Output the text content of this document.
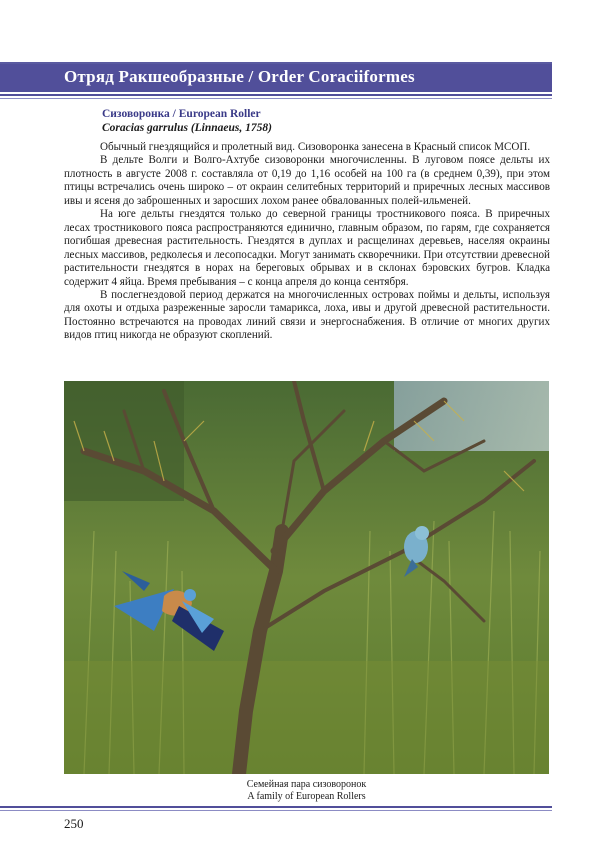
Отряд Ракшеобразные / Order Coraciiformes
Сизоворонка / European Roller
Coracias garrulus (Linnaeus, 1758)

Обычный гнездящийся и пролетный вид. Сизоворонка занесена в Красный список МСОП.

В дельте Волги и Волго-Ахтубе сизоворонки многочисленны. В луговом поясе дельты их плотность в августе 2008 г. составляла от 0,19 до 1,16 особей на 100 га (в среднем 0,39), при этом птицы встречались очень широко – от окраин селитебных территорий и приречных лесных массивов ивы и ясеня до заброшенных и заросших лохом ранее обвалованных полей-ильменей.

На юге дельты гнездятся только до северной границы тростникового пояса. В приречных лесах тростникового пояса распространяются единично, главным образом, по гарям, где сохраняется погибшая древесная растительность. Гнездятся в дуплах и расщелинах деревьев, населяя окраины лесных массивов, редколесья и лесопосадки. Могут занимать скворечники. При отсутствии древесной растительности гнездятся в норах на береговых обрывах и в склонах бэровских бугров. Кладка содержит 4 яйца. Время пребывания – с конца апреля до конца сентября.

В послегнездовой период держатся на многочисленных островах поймы и дельты, используя для охоты и отдыха разреженные заросли тамарикса, лоха, ивы и другой древесной растительности. Постоянно встречаются на проводах линий связи и энергоснабжения. В отличие от многих других видов птиц никогда не образуют скоплений.

Семейная пара сизоворонок
A family of European Rollers
250
